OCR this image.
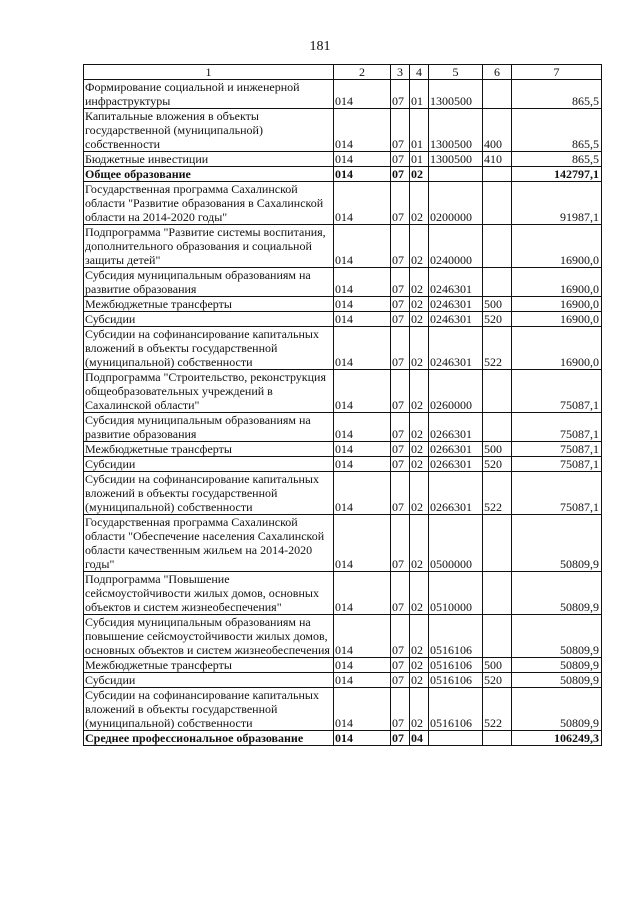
181
1	2	3	4	5	6	7
Формирование социальной и инженерной инфраструктуры	014	07	01	1300500		865,5
Капитальные вложения в объекты государственной (муниципальной) собственности	014	07	01	1300500	400	865,5
Бюджетные инвестиции	014	07	01	1300500	410	865,5
Общее образование	014	07	02			142797,1
Государственная программа Сахалинской области "Развитие образования в Сахалинской области на 2014-2020 годы"	014	07	02	0200000		91987,1
Подпрограмма "Развитие системы воспитания, дополнительного образования и социальной защиты детей"	014	07	02	0240000		16900,0
Субсидия муниципальным образованиям на развитие образования	014	07	02	0246301		16900,0
Межбюджетные трансферты	014	07	02	0246301	500	16900,0
Субсидии	014	07	02	0246301	520	16900,0
Субсидии на софинансирование капитальных вложений в объекты государственной (муниципальной) собственности	014	07	02	0246301	522	16900,0
Подпрограмма "Строительство, реконструкция общеобразовательных учреждений в Сахалинской области"	014	07	02	0260000		75087,1
Субсидия муниципальным образованиям на развитие образования	014	07	02	0266301		75087,1
Межбюджетные трансферты	014	07	02	0266301	500	75087,1
Субсидии	014	07	02	0266301	520	75087,1
Субсидии на софинансирование капитальных вложений в объекты государственной (муниципальной) собственности	014	07	02	0266301	522	75087,1
Государственная программа Сахалинской области "Обеспечение населения Сахалинской области качественным жильем на 2014-2020 годы"	014	07	02	0500000		50809,9
Подпрограмма "Повышение сейсмоустойчивости жилых домов, основных объектов и систем жизнеобеспечения"	014	07	02	0510000		50809,9
Субсидия муниципальным образованиям на повышение сейсмоустойчивости жилых домов, основных объектов и систем жизнеобеспечения	014	07	02	0516106		50809,9
Межбюджетные трансферты	014	07	02	0516106	500	50809,9
Субсидии	014	07	02	0516106	520	50809,9
Субсидии на софинансирование капитальных вложений в объекты государственной (муниципальной) собственности	014	07	02	0516106	522	50809,9
Среднее профессиональное образование	014	07	04			106249,3
